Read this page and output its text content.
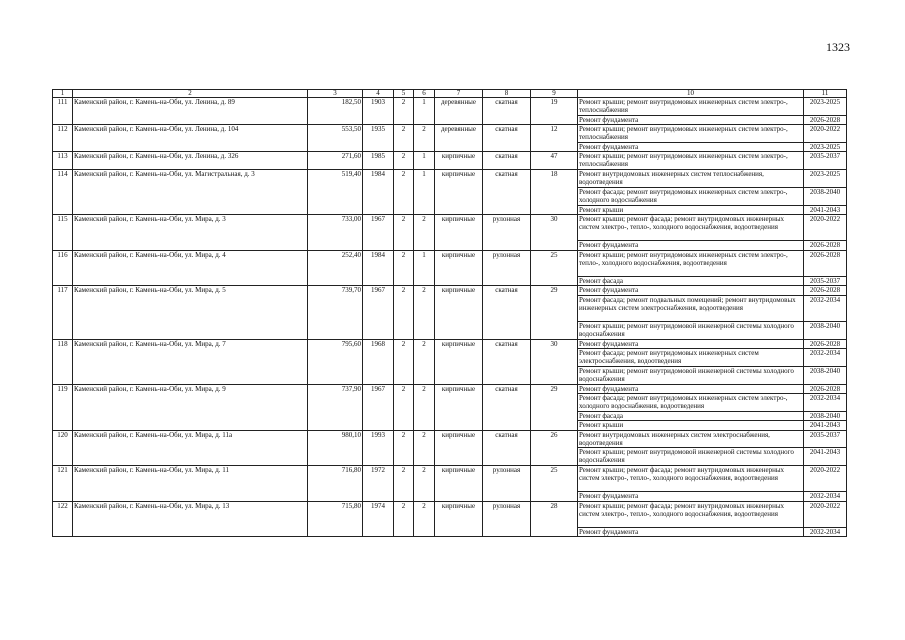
1323
1	2	3	4	5	6	7	8	9	10	11
111	Каменский район, г. Камень-на-Оби, ул. Ленина, д. 89	182,50	1903	2	1	деревянные	скатная	19	Ремонт крыши; ремонт внутридомовых инженерных систем электро-, теплоснабжения	2023-2025
									Ремонт фундамента	2026-2028
112	Каменский район, г. Камень-на-Оби, ул. Ленина, д. 104	553,50	1935	2	2	деревянные	скатная	12	Ремонт крыши; ремонт внутридомовых инженерных систем электро-, теплоснабжения	2020-2022
									Ремонт фундамента	2023-2025
113	Каменский район, г. Камень-на-Оби, ул. Ленина, д. 326	271,60	1985	2	1	кирпичные	скатная	47	Ремонт крыши; ремонт внутридомовых инженерных систем электро-, теплоснабжения	2035-2037
114	Каменский район, г. Камень-на-Оби, ул. Магистральная, д. 3	519,40	1984	2	1	кирпичные	скатная	18	Ремонт внутридомовых инженерных систем теплоснабжения, водоотведения	2023-2025
									Ремонт фасада; ремонт внутридомовых инженерных систем электро-, холодного водоснабжения	2038-2040
									Ремонт крыши	2041-2043
115	Каменский район, г. Камень-на-Оби, ул. Мира, д. 3	733,00	1967	2	2	кирпичные	рулонная	30	Ремонт крыши; ремонт фасада; ремонт внутридомовых инженерных систем электро-, тепло-, холодного водоснабжения, водоотведения	2020-2022
									Ремонт фундамента	2026-2028
116	Каменский район, г. Камень-на-Оби, ул. Мира, д. 4	252,40	1984	2	1	кирпичные	рулонная	25	Ремонт крыши; ремонт внутридомовых инженерных систем электро-, тепло-, холодного водоснабжения, водоотведения	2026-2028
									Ремонт фасада	2035-2037
117	Каменский район, г. Камень-на-Оби, ул. Мира, д. 5	739,70	1967	2	2	кирпичные	скатная	29	Ремонт фундамента	2026-2028
									Ремонт фасада; ремонт подвальных помещений; ремонт внутридомовых инженерных систем электроснабжения, водоотведения	2032-2034
									Ремонт крыши; ремонт внутридомовой инженерной системы холодного водоснабжения	2038-2040
118	Каменский район, г. Камень-на-Оби, ул. Мира, д. 7	795,60	1968	2	2	кирпичные	скатная	30	Ремонт фундамента	2026-2028
									Ремонт фасада; ремонт внутридомовых инженерных систем электроснабжения, водоотведения	2032-2034
									Ремонт крыши; ремонт внутридомовой инженерной системы холодного водоснабжения	2038-2040
119	Каменский район, г. Камень-на-Оби, ул. Мира, д. 9	737,90	1967	2	2	кирпичные	скатная	29	Ремонт фундамента	2026-2028
									Ремонт фасада; ремонт внутридомовых инженерных систем электро-, холодного водоснабжения, водоотведения	2032-2034
									Ремонт фасада	2038-2040
									Ремонт крыши	2041-2043
120	Каменский район, г. Камень-на-Оби, ул. Мира, д. 11а	980,10	1993	2	2	кирпичные	скатная	26	Ремонт внутридомовых инженерных систем электроснабжения, водоотведения	2035-2037
									Ремонт крыши; ремонт внутридомовой инженерной системы холодного водоснабжения	2041-2043
121	Каменский район, г. Камень-на-Оби, ул. Мира, д. 11	716,80	1972	2	2	кирпичные	рулонная	25	Ремонт крыши; ремонт фасада; ремонт внутридомовых инженерных систем электро-, тепло-, холодного водоснабжения, водоотведения	2020-2022
									Ремонт фундамента	2032-2034
122	Каменский район, г. Камень-на-Оби, ул. Мира, д. 13	715,80	1974	2	2	кирпичные	рулонная	28	Ремонт крыши; ремонт фасада; ремонт внутридомовых инженерных систем электро-, тепло-, холодного водоснабжения, водоотведения	2020-2022
									Ремонт фундамента	2032-2034
